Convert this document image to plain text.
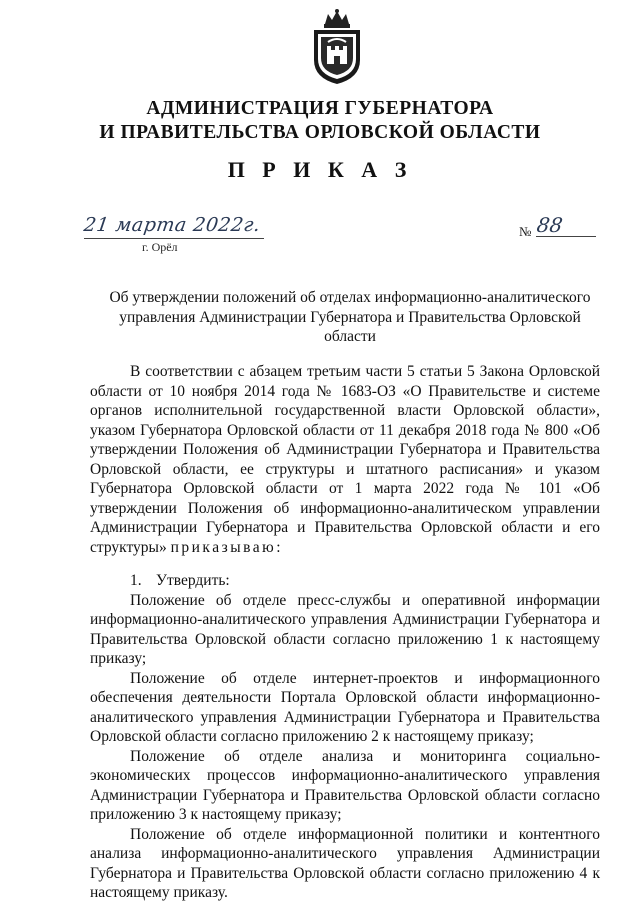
АДМИНИСТРАЦИЯ ГУБЕРНАТОРА
И ПРАВИТЕЛЬСТВА ОРЛОВСКОЙ ОБЛАСТИ
П Р И К А З
21 марта 2022г.
г. Орёл
№ 88
Об утверждении положений об отделах информационно-аналитического управления Администрации Губернатора и Правительства Орловской области

В соответствии с абзацем третьим части 5 статьи 5 Закона Орловской области от 10 ноября 2014 года № 1683-ОЗ «О Правительстве и системе органов исполнительной государственной власти Орловской области», указом Губернатора Орловской области от 11 декабря 2018 года № 800 «Об утверждении Положения об Администрации Губернатора и Правительства Орловской области, ее структуры и штатного расписания» и указом Губернатора Орловской области от 1 марта 2022 года № 101 «Об утверждении Положения об информационно-аналитическом управлении Администрации Губернатора и Правительства Орловской области и его структуры» приказываю:

1. Утвердить:

Положение об отделе пресс-службы и оперативной информации информационно-аналитического управления Администрации Губернатора и Правительства Орловской области согласно приложению 1 к настоящему приказу;

Положение об отделе интернет-проектов и информационного обеспечения деятельности Портала Орловской области информационно-аналитического управления Администрации Губернатора и Правительства Орловской области согласно приложению 2 к настоящему приказу;

Положение об отделе анализа и мониторинга социально-экономических процессов информационно-аналитического управления Администрации Губернатора и Правительства Орловской области согласно приложению 3 к настоящему приказу;

Положение об отделе информационной политики и контентного анализа информационно-аналитического управления Администрации Губернатора и Правительства Орловской области согласно приложению 4 к настоящему приказу.
